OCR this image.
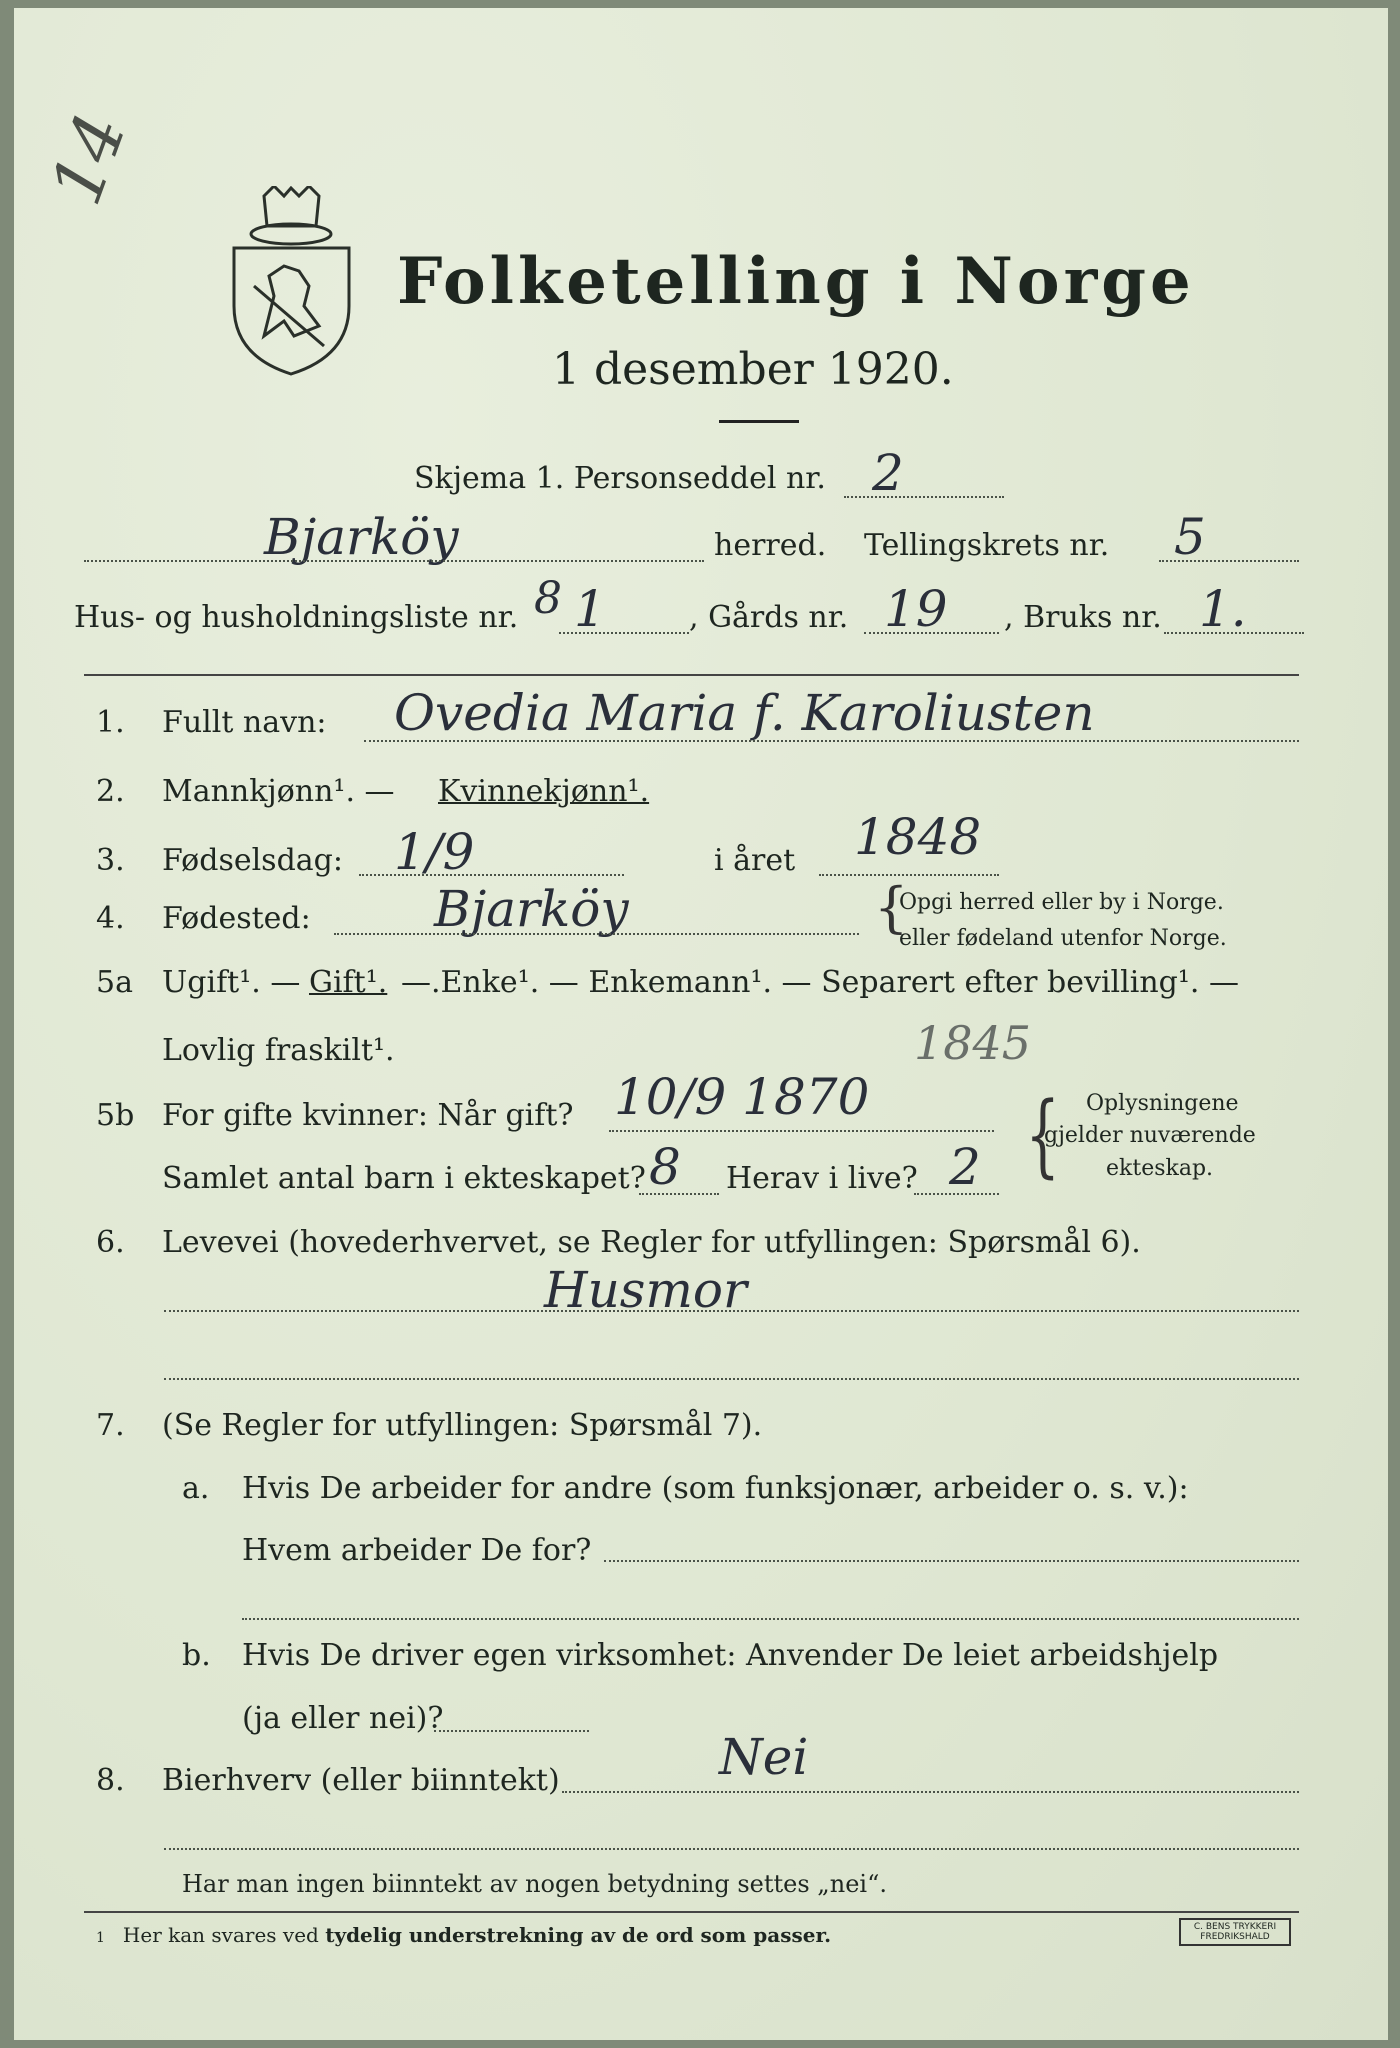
14
Folketelling i Norge
1 desember 1920.
Skjema 1. Personseddel nr. 2
Bjarköy	herred. Tellingskrets nr. 5
Hus- og husholdningsliste nr. 8 1	, Gårds nr. 19 , Bruks nr. 1.
1. Fullt navn: Ovedia Maria f. Karoliusten
2. Mannkjønn¹. — Kvinnekjønn¹.
3. Fødselsdag: 1/9	i året 1848
4. Fødested: Bjarköy	{
Opgi herred eller by i Norge.
eller fødeland utenfor Norge.
5a Ugift¹. — Gift¹. —.Enke¹. — Enkemann¹. — Separert efter bevilling¹. —
Lovlig fraskilt¹.	1845
5b For gifte kvinner: Når gift? 10/9 1870
Samlet antal barn i ekteskapet? 8 Herav i live? 2 { Oplysningene
gjelder nuværende
ekteskap.
6. Levevei (hovederhvervet, se Regler for utfyllingen: Spørsmål 6).
Husmor
7. (Se Regler for utfyllingen: Spørsmål 7).
a. Hvis De arbeider for andre (som funksjonær, arbeider o. s. v.):
Hvem arbeider De for?
b. Hvis De driver egen virksomhet: Anvender De leiet arbeidshjelp
(ja eller nei)?
8. Bierhverv (eller biinntekt)	Nei
Har man ingen biinntekt av nogen betydning settes „nei“.
1 Her kan svares ved tydelig understrekning av de ord som passer.	C. BENS TRYKKERI
FREDRIKSHALD
